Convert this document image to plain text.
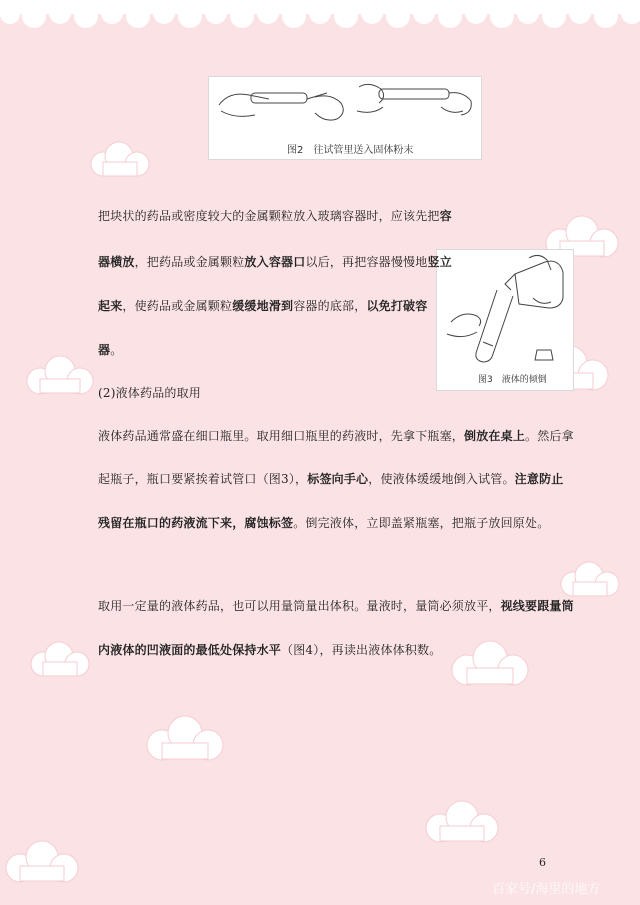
图2　往试管里送入固体粉末
图3　液体的倾倒
把块状的药品或密度较大的金属颗粒放入玻璃容器时，应该先把容
器横放，把药品或金属颗粒放入容器口以后，再把容器慢慢地竖立
起来，使药品或金属颗粒缓缓地滑到容器的底部，以免打破容
器。
(2)液体药品的取用
液体药品通常盛在细口瓶里。取用细口瓶里的药液时，先拿下瓶塞，倒放在桌上。然后拿
起瓶子，瓶口要紧挨着试管口（图3），标签向手心，使液体缓缓地倒入试管。注意防止
残留在瓶口的药液流下来，腐蚀标签。倒完液体，立即盖紧瓶塞，把瓶子放回原处。
取用一定量的液体药品，也可以用量筒量出体积。量液时，量筒必须放平，视线要跟量筒
内液体的凹液面的最低处保持水平（图4），再读出液体体积数。
6
百家号/海里的地方
